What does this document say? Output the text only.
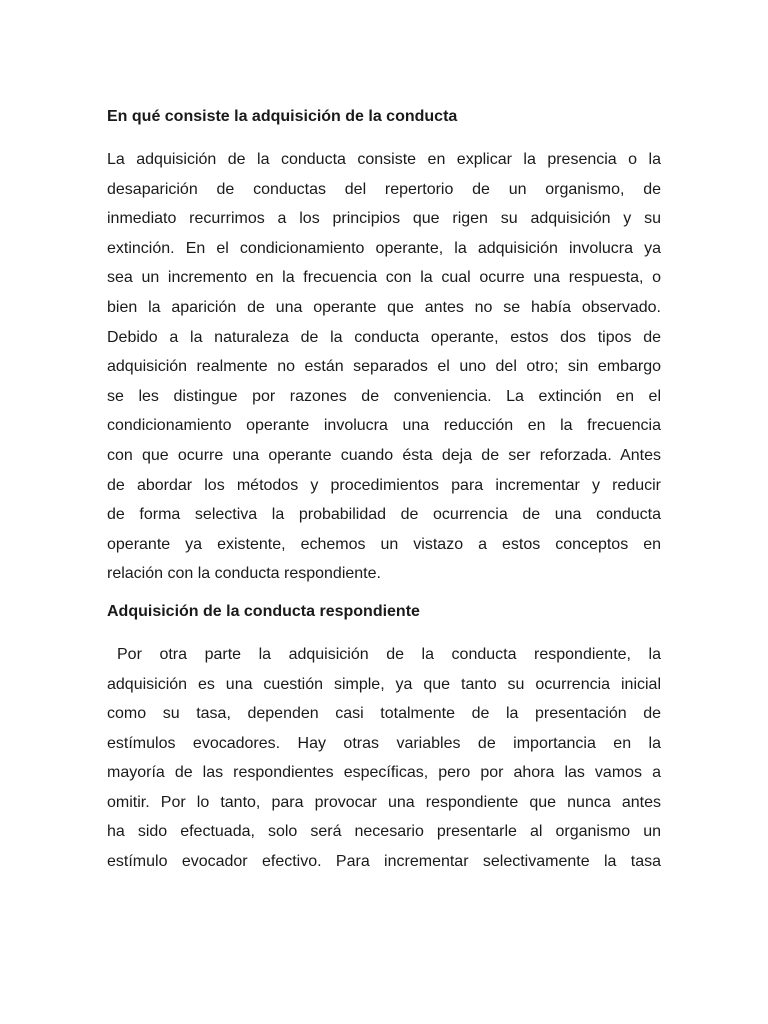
En qué consiste la adquisición de la conducta

La adquisición de la conducta consiste en explicar la presencia o la
desaparición de conductas del repertorio de un organismo, de
inmediato recurrimos a los principios que rigen su adquisición y su
extinción. En el condicionamiento operante, la adquisición involucra ya
sea un incremento en la frecuencia con la cual ocurre una respuesta, o
bien la aparición de una operante que antes no se había observado.
Debido a la naturaleza de la conducta operante, estos dos tipos de
adquisición realmente no están separados el uno del otro; sin embargo
se les distingue por razones de conveniencia. La extinción en el
condicionamiento operante involucra una reducción en la frecuencia
con que ocurre una operante cuando ésta deja de ser reforzada. Antes
de abordar los métodos y procedimientos para incrementar y reducir
de forma selectiva la probabilidad de ocurrencia de una conducta
operante ya existente, echemos un vistazo a estos conceptos en
relación con la conducta respondiente.

Adquisición de la conducta respondiente

Por otra parte la adquisición de la conducta respondiente, la
adquisición es una cuestión simple, ya que tanto su ocurrencia inicial
como su tasa, dependen casi totalmente de la presentación de
estímulos evocadores. Hay otras variables de importancia en la
mayoría de las respondientes específicas, pero por ahora las vamos a
omitir. Por lo tanto, para provocar una respondiente que nunca antes
ha sido efectuada, solo será necesario presentarle al organismo un
estímulo evocador efectivo. Para incrementar selectivamente la tasa
